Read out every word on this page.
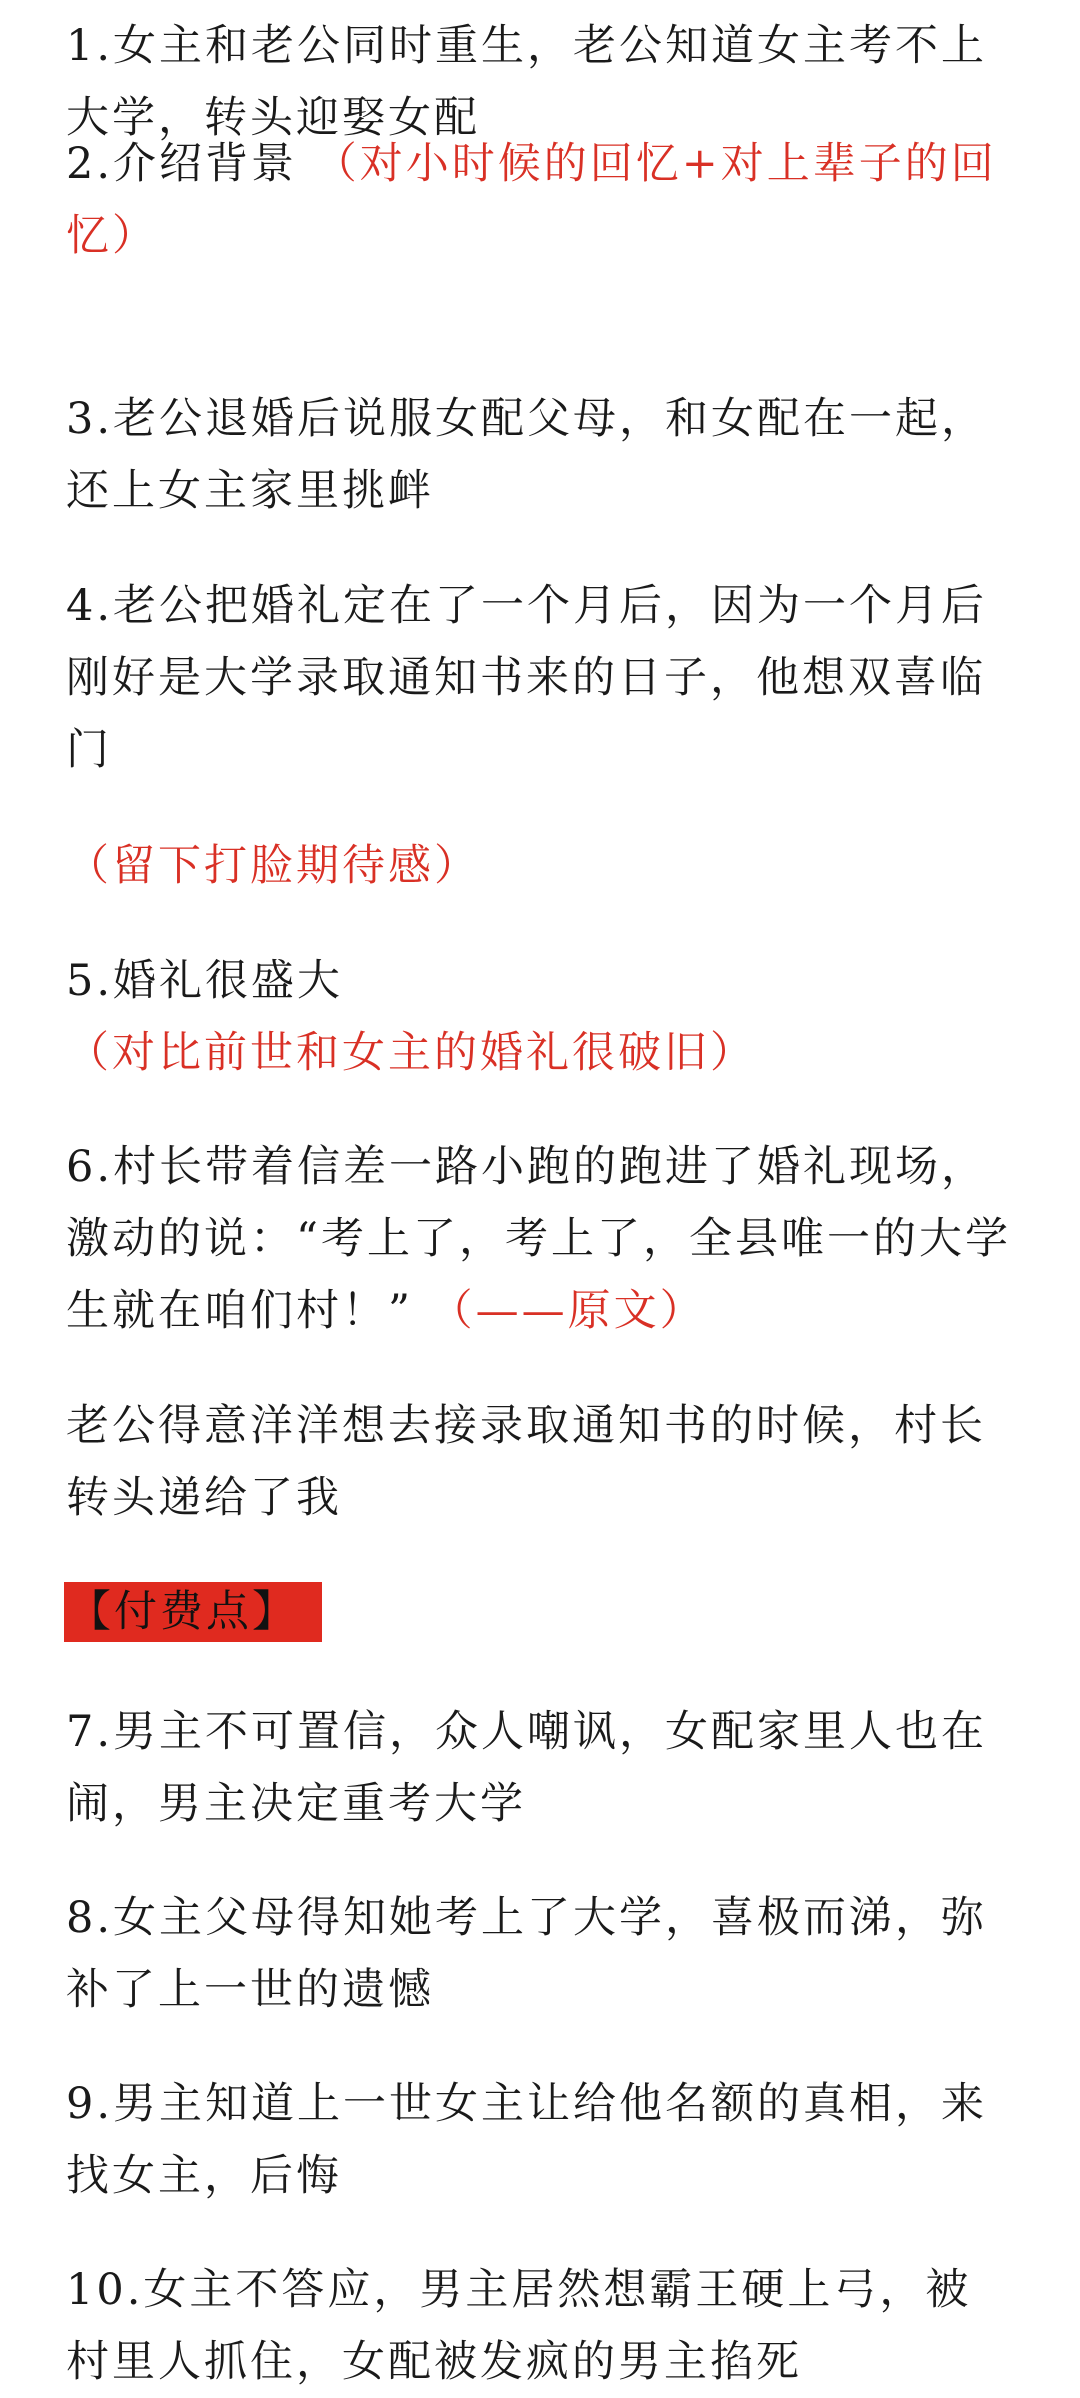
1.女主和老公同时重生，老公知道女主考不上大学，转头迎娶女配

2.介绍背景 （对小时候的回忆+对上辈子的回忆）

3.老公退婚后说服女配父母，和女配在一起，还上女主家里挑衅

4.老公把婚礼定在了一个月后，因为一个月后刚好是大学录取通知书来的日子，他想双喜临门

（留下打脸期待感）

5.婚礼很盛大（对比前世和女主的婚礼很破旧）

6.村长带着信差一路小跑的跑进了婚礼现场，激动的说：“考上了，考上了，全县唯一的大学生就在咱们村！” （——原文）

老公得意洋洋想去接录取通知书的时候，村长转头递给了我

【付费点】

7.男主不可置信，众人嘲讽，女配家里人也在闹，男主决定重考大学

8.女主父母得知她考上了大学，喜极而涕，弥补了上一世的遗憾

9.男主知道上一世女主让给他名额的真相，来找女主，后悔

10.女主不答应，男主居然想霸王硬上弓，被村里人抓住，女配被发疯的男主掐死
